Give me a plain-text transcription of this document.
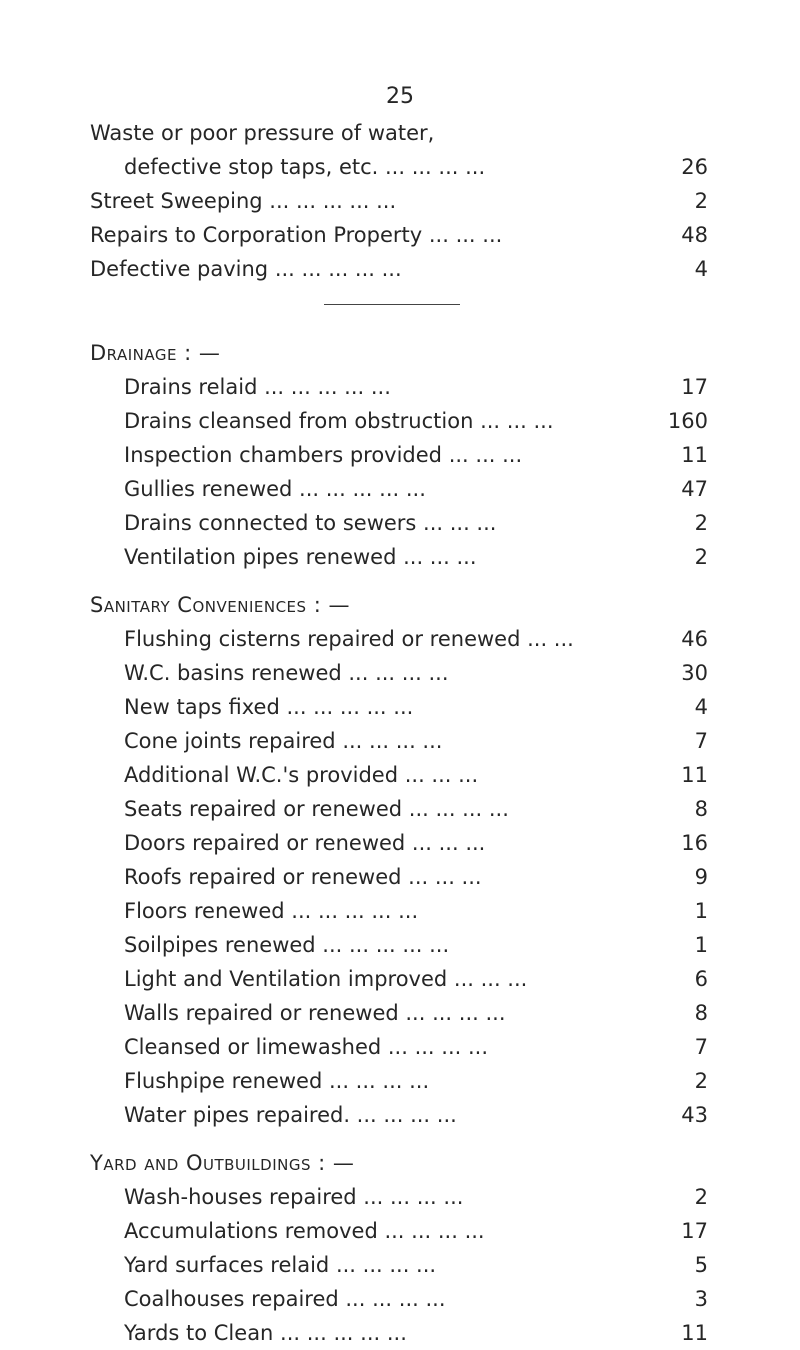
25
Waste or poor pressure of water,
defective stop taps, etc. ... ... ... ...	26
Street Sweeping ... ... ... ... ...	2
Repairs to Corporation Property ... ... ...	48
Defective paving ... ... ... ... ...	4
Drainage : —
Drains relaid ... ... ... ... ...	17
Drains cleansed from obstruction ... ... ...	160
Inspection chambers provided ... ... ...	11
Gullies renewed ... ... ... ... ...	47
Drains connected to sewers ... ... ...	2
Ventilation pipes renewed ... ... ...	2
Sanitary Conveniences : —
Flushing cisterns repaired or renewed ... ...	46
W.C. basins renewed ... ... ... ...	30
New taps fixed ... ... ... ... ...	4
Cone joints repaired ... ... ... ...	7
Additional W.C.'s provided ... ... ...	11
Seats repaired or renewed ... ... ... ...	8
Doors repaired or renewed ... ... ...	16
Roofs repaired or renewed ... ... ...	9
Floors renewed ... ... ... ... ...	1
Soilpipes renewed ... ... ... ... ...	1
Light and Ventilation improved ... ... ...	6
Walls repaired or renewed ... ... ... ...	8
Cleansed or limewashed ... ... ... ...	7
Flushpipe renewed ... ... ... ...	2
Water pipes repaired. ... ... ... ...	43
Yard and Outbuildings : —
Wash-houses repaired ... ... ... ...	2
Accumulations removed ... ... ... ...	17
Yard surfaces relaid ... ... ... ...	5
Coalhouses repaired ... ... ... ...	3
Yards to Clean ... ... ... ... ...	11
